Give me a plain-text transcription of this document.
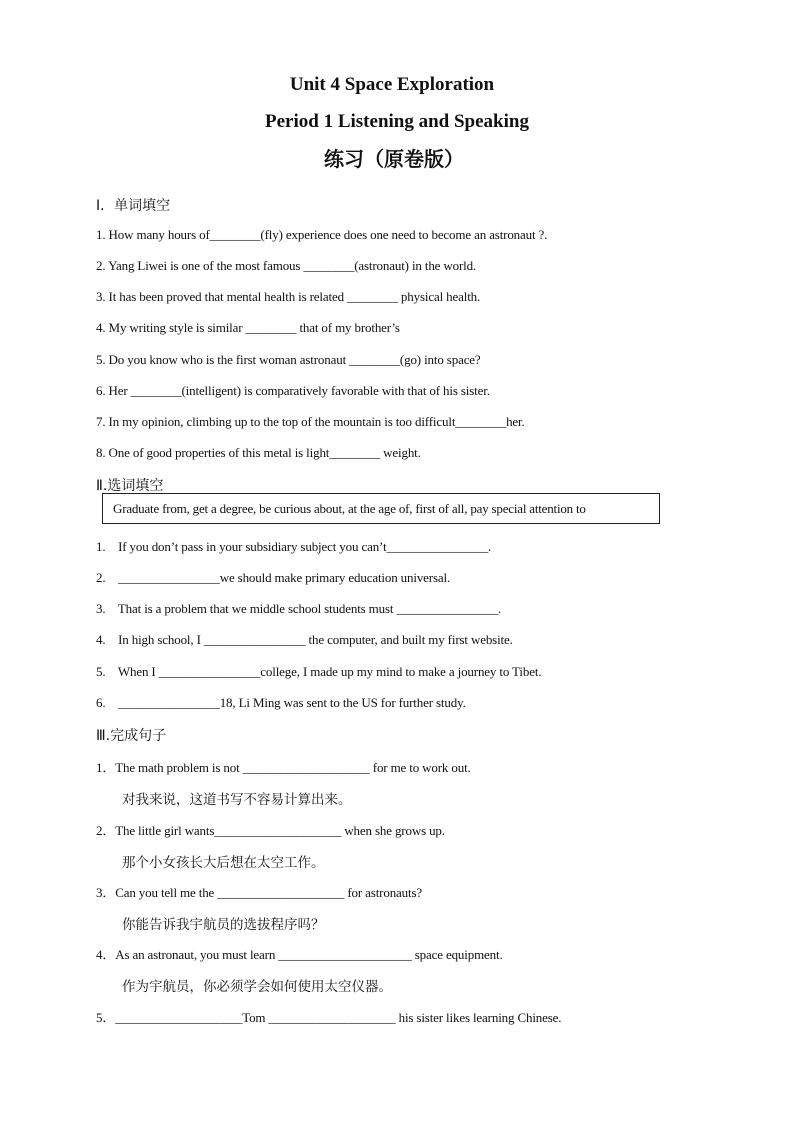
Unit 4 Space Exploration
Period 1 Listening and Speaking
练习（原卷版）
Ⅰ．单词填空
1. How many hours of________(fly) experience does one need to become an astronaut ?.
2. Yang Liwei is one of the most famous ________(astronaut) in the world.
3. It has been proved that mental health is related ________ physical health.
4. My writing style is similar ________ that of my brother’s
5. Do you know who is the first woman astronaut ________(go) into space?
6. Her ________(intelligent) is comparatively favorable with that of his sister.
7. In my opinion, climbing up to the top of the mountain is too difficult________her.
8. One of good properties of this metal is light________ weight.
Ⅱ.选词填空
Graduate from, get a degree, be curious about, at the age of, first of all, pay special attention to
1. If you don’t pass in your subsidiary subject you can’t________________.
2. ________________we should make primary education universal.
3. That is a problem that we middle school students must ________________.
4. In high school, I ________________ the computer, and built my first website.
5. When I ________________college, I made up my mind to make a journey to Tibet.
6. ________________18, Li Ming was sent to the US for further study.
Ⅲ.完成句子
1．The math problem is not ____________________ for me to work out.
对我来说，这道书写不容易计算出来。
2．The little girl wants____________________ when she grows up.
那个小女孩长大后想在太空工作。
3．Can you tell me the ____________________ for astronauts?
你能告诉我宇航员的选拔程序吗？
4．As an astronaut, you must learn _____________________ space equipment.
作为宇航员，你必须学会如何使用太空仪器。
5．____________________Tom ____________________ his sister likes learning Chinese.
